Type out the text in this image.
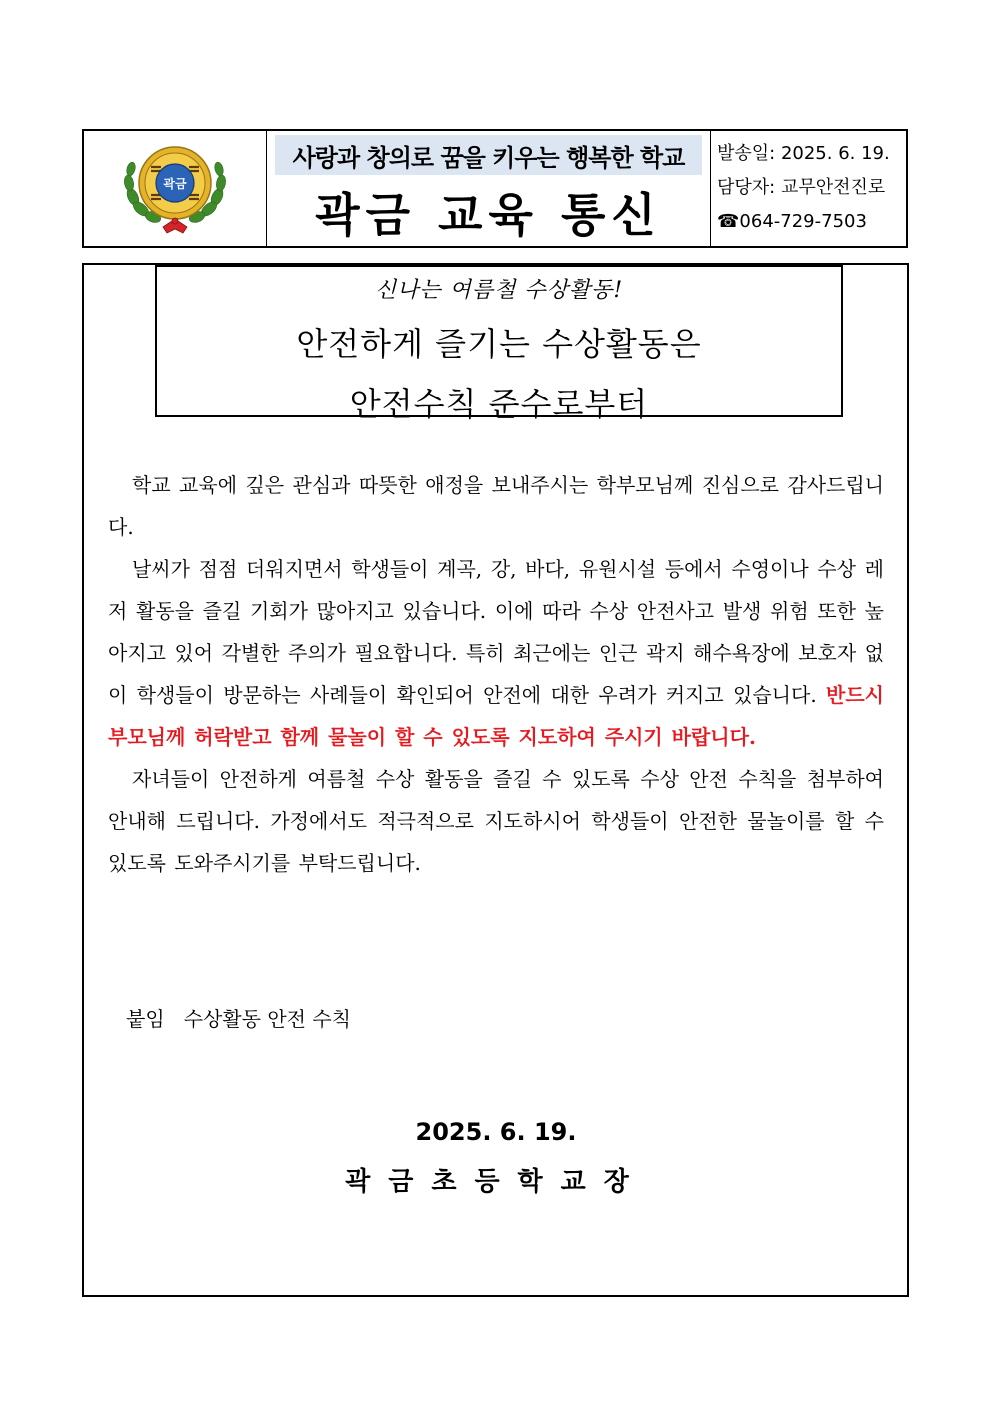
곽금
사랑과 창의로 꿈을 키우는 행복한 학교
곽금 교육 통신
발송일: 2025. 6. 19.
담당자: 교무안전진로
☎064-729-7503
신나는 여름철 수상활동!
안전하게 즐기는 수상활동은
안전수칙 준수로부터

학교 교육에 깊은 관심과 따뜻한 애정을 보내주시는 학부모님께 진심으로 감사드립니다.

날씨가 점점 더워지면서 학생들이 계곡, 강, 바다, 유원시설 등에서 수영이나 수상 레저 활동을 즐길 기회가 많아지고 있습니다. 이에 따라 수상 안전사고 발생 위험 또한 높아지고 있어 각별한 주의가 필요합니다. 특히 최근에는 인근 곽지 해수욕장에 보호자 없이 학생들이 방문하는 사례들이 확인되어 안전에 대한 우려가 커지고 있습니다. 반드시 부모님께 허락받고 함께 물놀이 할 수 있도록 지도하여 주시기 바랍니다.

자녀들이 안전하게 여름철 수상 활동을 즐길 수 있도록 수상 안전 수칙을 첨부하여 안내해 드립니다. 가정에서도 적극적으로 지도하시어 학생들이 안전한 물놀이를 할 수 있도록 도와주시기를 부탁드립니다.

붙임 수상활동 안전 수칙
2025. 6. 19.
곽금초등학교장
